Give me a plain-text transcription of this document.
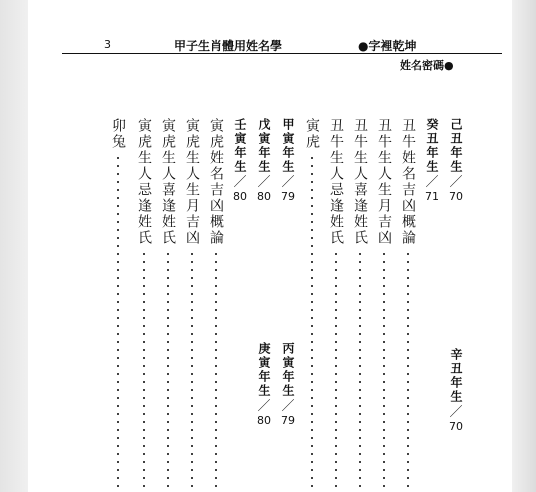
3	甲子生肖體用姓名學	●字裡乾坤
姓名密碼●
己丑年生
／
70
辛丑年生
／
70
癸丑年生
／
71
丑牛姓名吉凶概論
丑牛生人生月吉凶
丑牛生人喜逢姓氏
丑牛生人忌逢姓氏
寅虎
甲寅年生
／
79
丙寅年生
／
79
戊寅年生
／
80
庚寅年生
／
80
壬寅年生
／
80
寅虎姓名吉凶概論
寅虎生人生月吉凶
寅虎生人喜逢姓氏
寅虎生人忌逢姓氏
卯兔
